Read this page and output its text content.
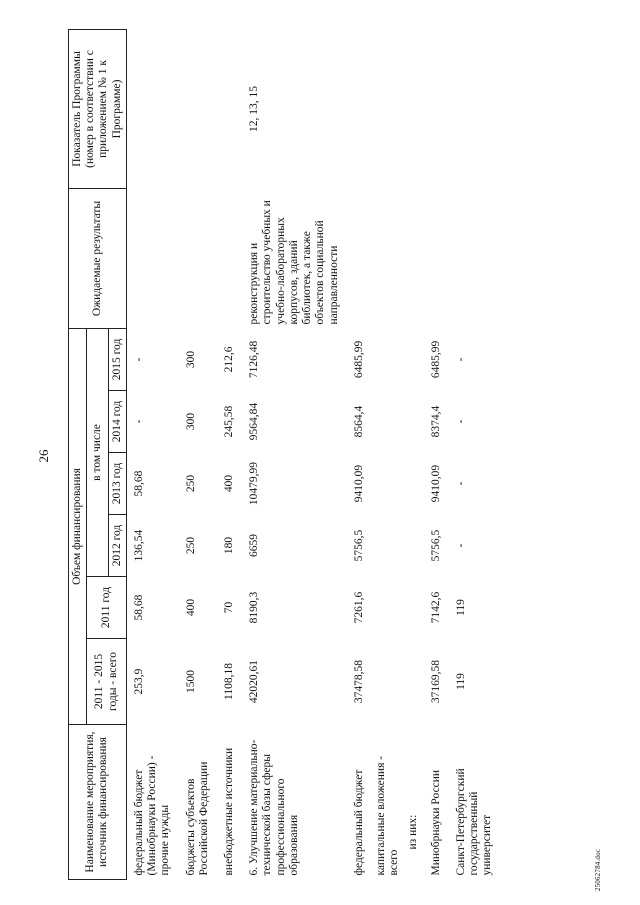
26
25062784.doc
Наименование мероприятия, источник финансирования	Объем финансирования						Ожидаемые результаты	Показатель Программы (номер в соответствии с приложением № 1 к Программе)
	2011 - 2015 годы - всего	2011 год	в том числе					
			2012 год	2013 год	2014 год	2015 год		
федеральный бюджет (Минобрнауки России) - прочие нужды	253,9	58,68	136,54	58,68	-	-		
бюджеты субъектов Российской Федерации	1500	400	250	250	300	300		
внебюджетные источники	1108,18	70	180	400	245,58	212,6		
6. Улучшение материально-технической базы сферы профессионального образования	42020,61	8190,3	6659	10479,99	9564,84	7126,48	реконструкция и строительство учебных и учебно-лабораторных корпусов, зданий библиотек, а также объектов социальной направленности	12, 13, 15
федеральный бюджет	37478,58	7261,6	5756,5	9410,09	8564,4	6485,99		
капитальные вложения - всего								
из них:								
Минобрнауки России	37169,58	7142,6	5756,5	9410,09	8374,4	6485,99		
Санкт-Петербургский государственный университет	119	119	-	-	-	-		
